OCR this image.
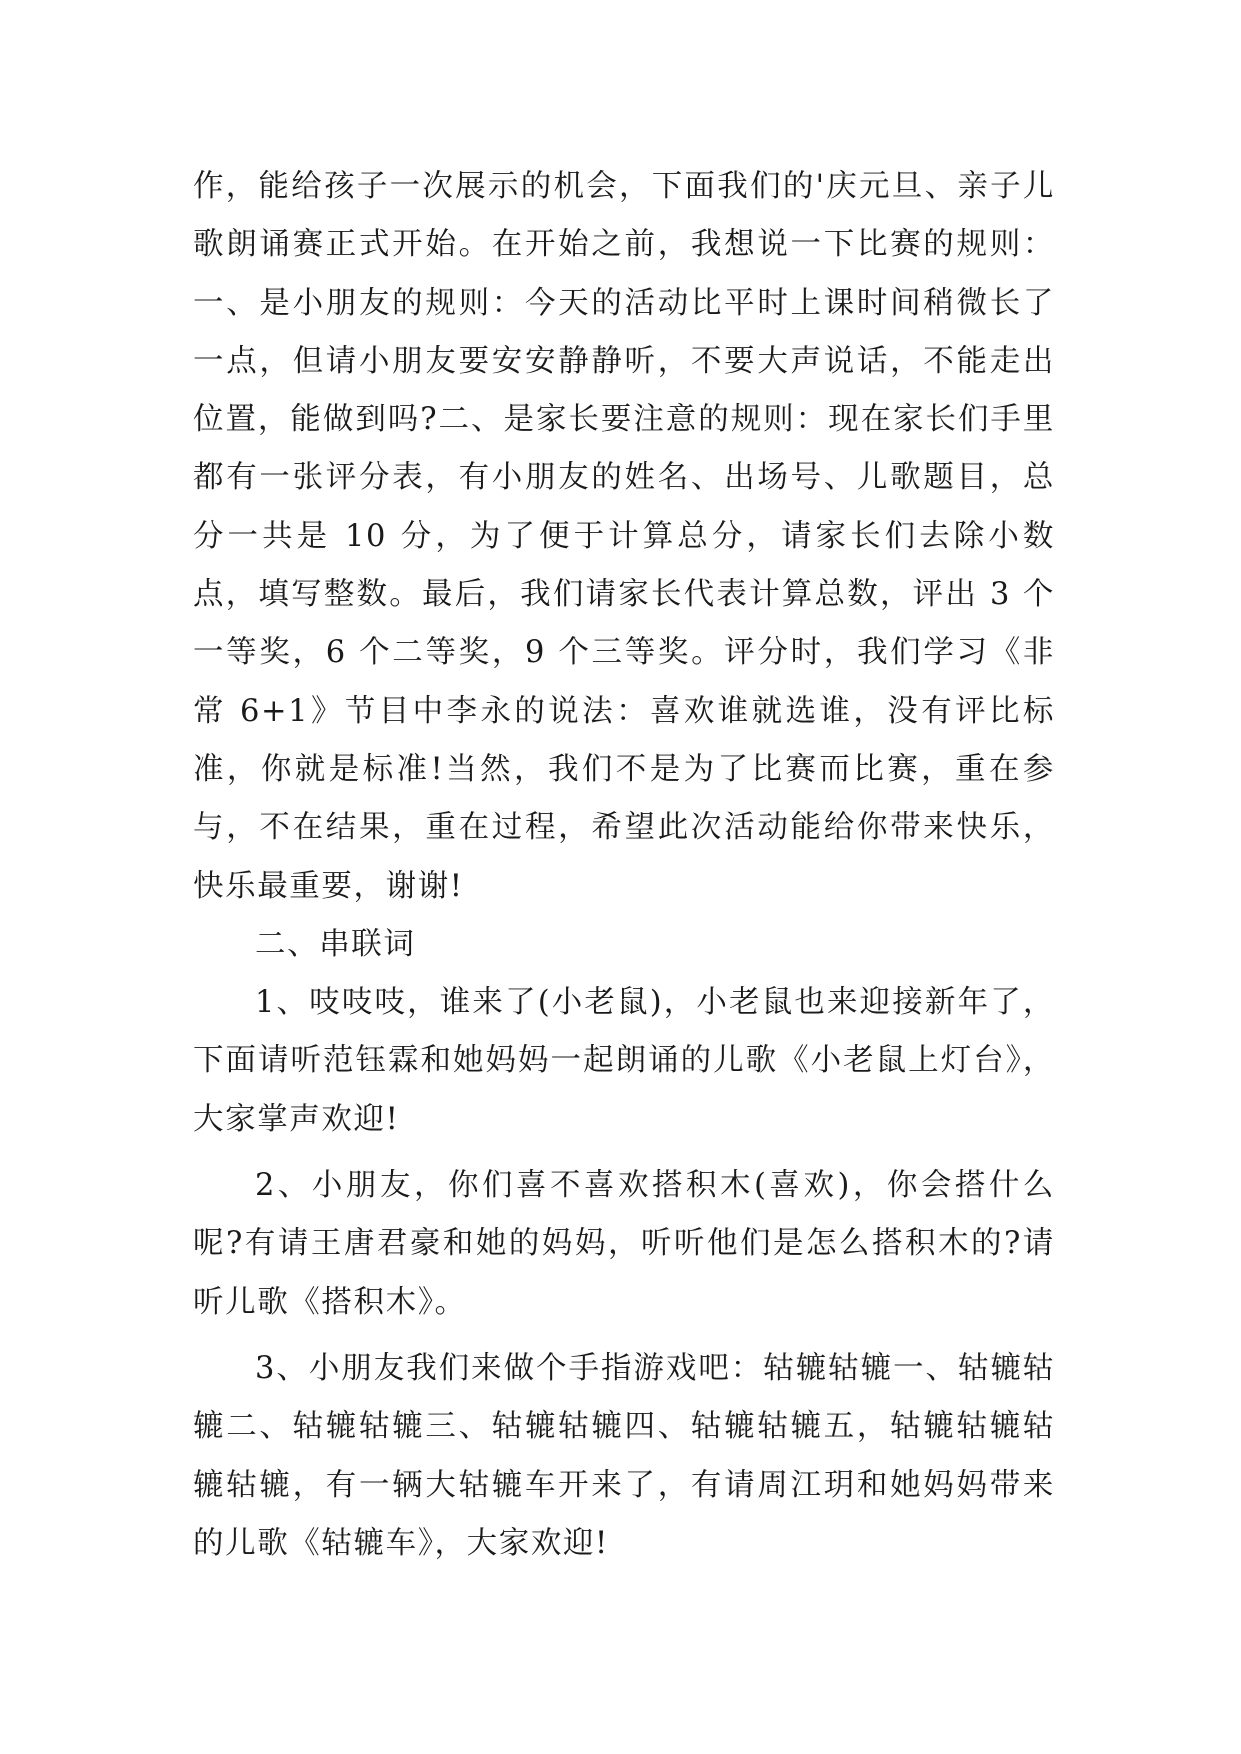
作，能给孩子一次展示的机会，下面我们的'庆元旦、亲子儿歌朗诵赛正式开始。在开始之前，我想说一下比赛的规则：一、是小朋友的规则：今天的活动比平时上课时间稍微长了一点，但请小朋友要安安静静听，不要大声说话，不能走出位置，能做到吗?二、是家长要注意的规则：现在家长们手里都有一张评分表，有小朋友的姓名、出场号、儿歌题目，总分一共是 10 分，为了便于计算总分，请家长们去除小数点，填写整数。最后，我们请家长代表计算总数，评出 3 个一等奖，6 个二等奖，9 个三等奖。评分时，我们学习《非常 6+1》节目中李永的说法：喜欢谁就选谁，没有评比标准，你就是标准!当然，我们不是为了比赛而比赛，重在参与，不在结果，重在过程，希望此次活动能给你带来快乐，快乐最重要，谢谢!

二、串联词

1、吱吱吱，谁来了(小老鼠)，小老鼠也来迎接新年了，下面请听范钰霖和她妈妈一起朗诵的儿歌《小老鼠上灯台》，大家掌声欢迎!

2、小朋友，你们喜不喜欢搭积木(喜欢)，你会搭什么呢?有请王唐君豪和她的妈妈，听听他们是怎么搭积木的?请听儿歌《搭积木》。

3、小朋友我们来做个手指游戏吧：轱辘轱辘一、轱辘轱辘二、轱辘轱辘三、轱辘轱辘四、轱辘轱辘五，轱辘轱辘轱辘轱辘，有一辆大轱辘车开来了，有请周江玥和她妈妈带来的儿歌《轱辘车》，大家欢迎!
